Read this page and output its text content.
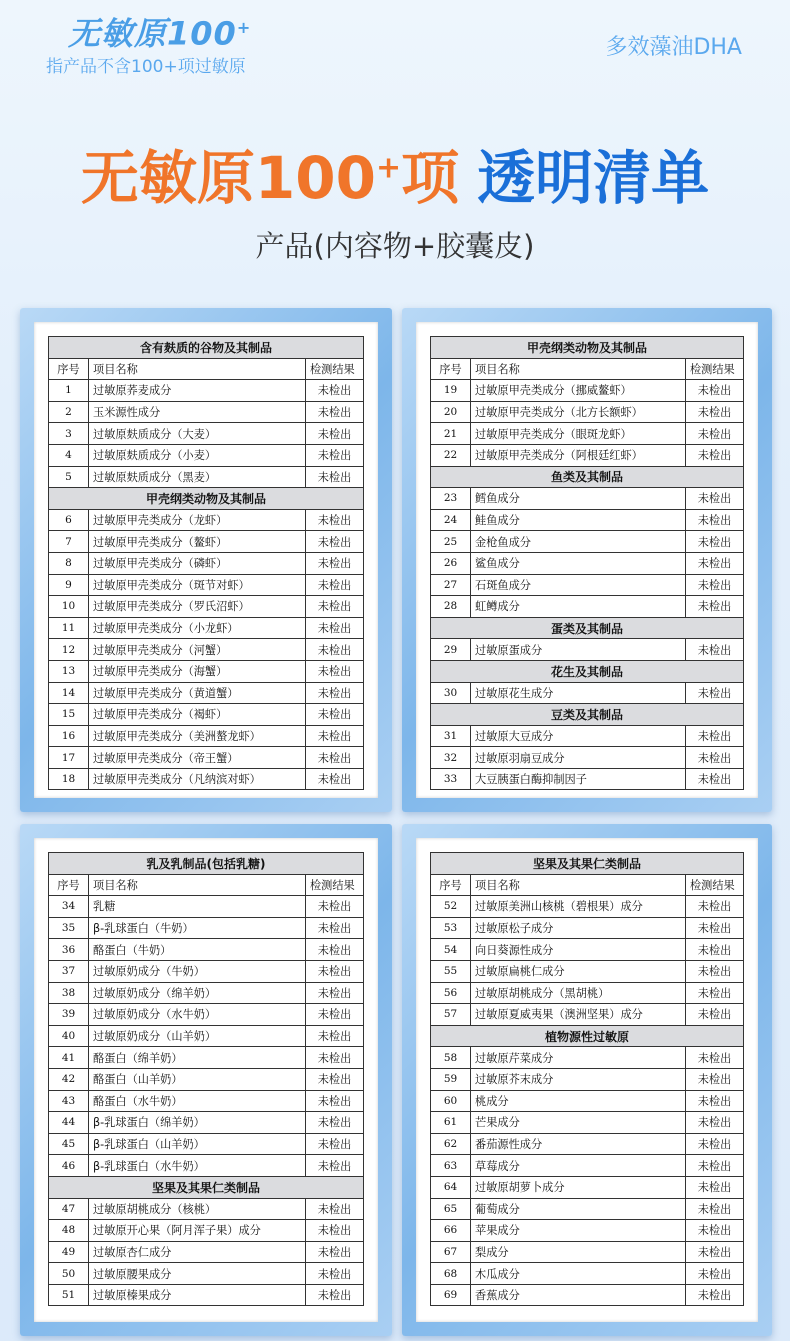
无敏原100+
指产品不含100+项过敏原
多效藻油DHA
无敏原100+项 透明清单
产品(内容物+胶囊皮)
含有麸质的谷物及其制品		
序号	项目名称	检测结果
1	过敏原荞麦成分	未检出
2	玉米源性成分	未检出
3	过敏原麸质成分（大麦）	未检出
4	过敏原麸质成分（小麦）	未检出
5	过敏原麸质成分（黑麦）	未检出
甲壳纲类动物及其制品		
6	过敏原甲壳类成分（龙虾）	未检出
7	过敏原甲壳类成分（鳌虾）	未检出
8	过敏原甲壳类成分（磷虾）	未检出
9	过敏原甲壳类成分（斑节对虾）	未检出
10	过敏原甲壳类成分（罗氏沼虾）	未检出
11	过敏原甲壳类成分（小龙虾）	未检出
12	过敏原甲壳类成分（河蟹）	未检出
13	过敏原甲壳类成分（海蟹）	未检出
14	过敏原甲壳类成分（黄道蟹）	未检出
15	过敏原甲壳类成分（褐虾）	未检出
16	过敏原甲壳类成分（美洲螯龙虾）	未检出
17	过敏原甲壳类成分（帝王蟹）	未检出
18	过敏原甲壳类成分（凡纳滨对虾）	未检出
甲壳纲类动物及其制品		
序号	项目名称	检测结果
19	过敏原甲壳类成分（挪威鳌虾）	未检出
20	过敏原甲壳类成分（北方长额虾）	未检出
21	过敏原甲壳类成分（眼斑龙虾）	未检出
22	过敏原甲壳类成分（阿根廷红虾）	未检出
鱼类及其制品		
23	鳕鱼成分	未检出
24	鲑鱼成分	未检出
25	金枪鱼成分	未检出
26	鲨鱼成分	未检出
27	石斑鱼成分	未检出
28	虹鳟成分	未检出
蛋类及其制品		
29	过敏原蛋成分	未检出
花生及其制品		
30	过敏原花生成分	未检出
豆类及其制品		
31	过敏原大豆成分	未检出
32	过敏原羽扇豆成分	未检出
33	大豆胰蛋白酶抑制因子	未检出
乳及乳制品(包括乳糖)		
序号	项目名称	检测结果
34	乳糖	未检出
35	β-乳球蛋白（牛奶）	未检出
36	酪蛋白（牛奶）	未检出
37	过敏原奶成分（牛奶）	未检出
38	过敏原奶成分（绵羊奶）	未检出
39	过敏原奶成分（水牛奶）	未检出
40	过敏原奶成分（山羊奶）	未检出
41	酪蛋白（绵羊奶）	未检出
42	酪蛋白（山羊奶）	未检出
43	酪蛋白（水牛奶）	未检出
44	β-乳球蛋白（绵羊奶）	未检出
45	β-乳球蛋白（山羊奶）	未检出
46	β-乳球蛋白（水牛奶）	未检出
坚果及其果仁类制品		
47	过敏原胡桃成分（核桃）	未检出
48	过敏原开心果（阿月浑子果）成分	未检出
49	过敏原杏仁成分	未检出
50	过敏原腰果成分	未检出
51	过敏原榛果成分	未检出
坚果及其果仁类制品		
序号	项目名称	检测结果
52	过敏原美洲山核桃（碧根果）成分	未检出
53	过敏原松子成分	未检出
54	向日葵源性成分	未检出
55	过敏原扁桃仁成分	未检出
56	过敏原胡桃成分（黑胡桃）	未检出
57	过敏原夏威夷果（澳洲坚果）成分	未检出
植物源性过敏原		
58	过敏原芹菜成分	未检出
59	过敏原芥末成分	未检出
60	桃成分	未检出
61	芒果成分	未检出
62	番茄源性成分	未检出
63	草莓成分	未检出
64	过敏原胡萝卜成分	未检出
65	葡萄成分	未检出
66	苹果成分	未检出
67	梨成分	未检出
68	木瓜成分	未检出
69	香蕉成分	未检出
